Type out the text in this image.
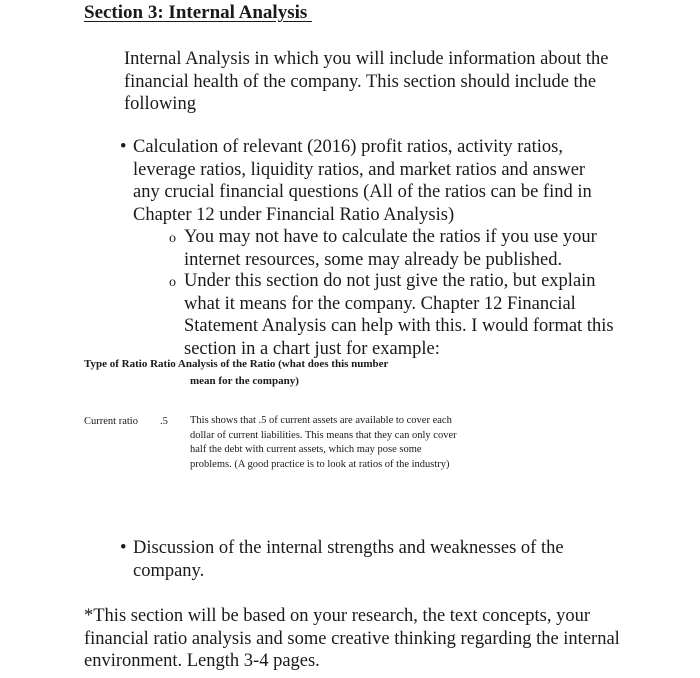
Section 3: Internal Analysis
Internal Analysis in which you will include information about the financial health of the company. This section should include the following
• Calculation of relevant (2016) profit ratios, activity ratios, leverage ratios, liquidity ratios, and market ratios and answer any crucial financial questions (All of the ratios can be find in Chapter 12 under Financial Ratio Analysis)
o You may not have to calculate the ratios if you use your internet resources, some may already be published.
o Under this section do not just give the ratio, but explain what it means for the company. Chapter 12 Financial Statement Analysis can help with this. I would format this section in a chart just for example:
Type of Ratio Ratio Analysis of the Ratio (what does this number
mean for the company)
Current ratio .5 This shows that .5 of current assets are available to cover each dollar of current liabilities. This means that they can only cover half the debt with current assets, which may pose some problems. (A good practice is to look at ratios of the industry)
• Discussion of the internal strengths and weaknesses of the company.
*This section will be based on your research, the text concepts, your financial ratio analysis and some creative thinking regarding the internal environment. Length 3-4 pages.
